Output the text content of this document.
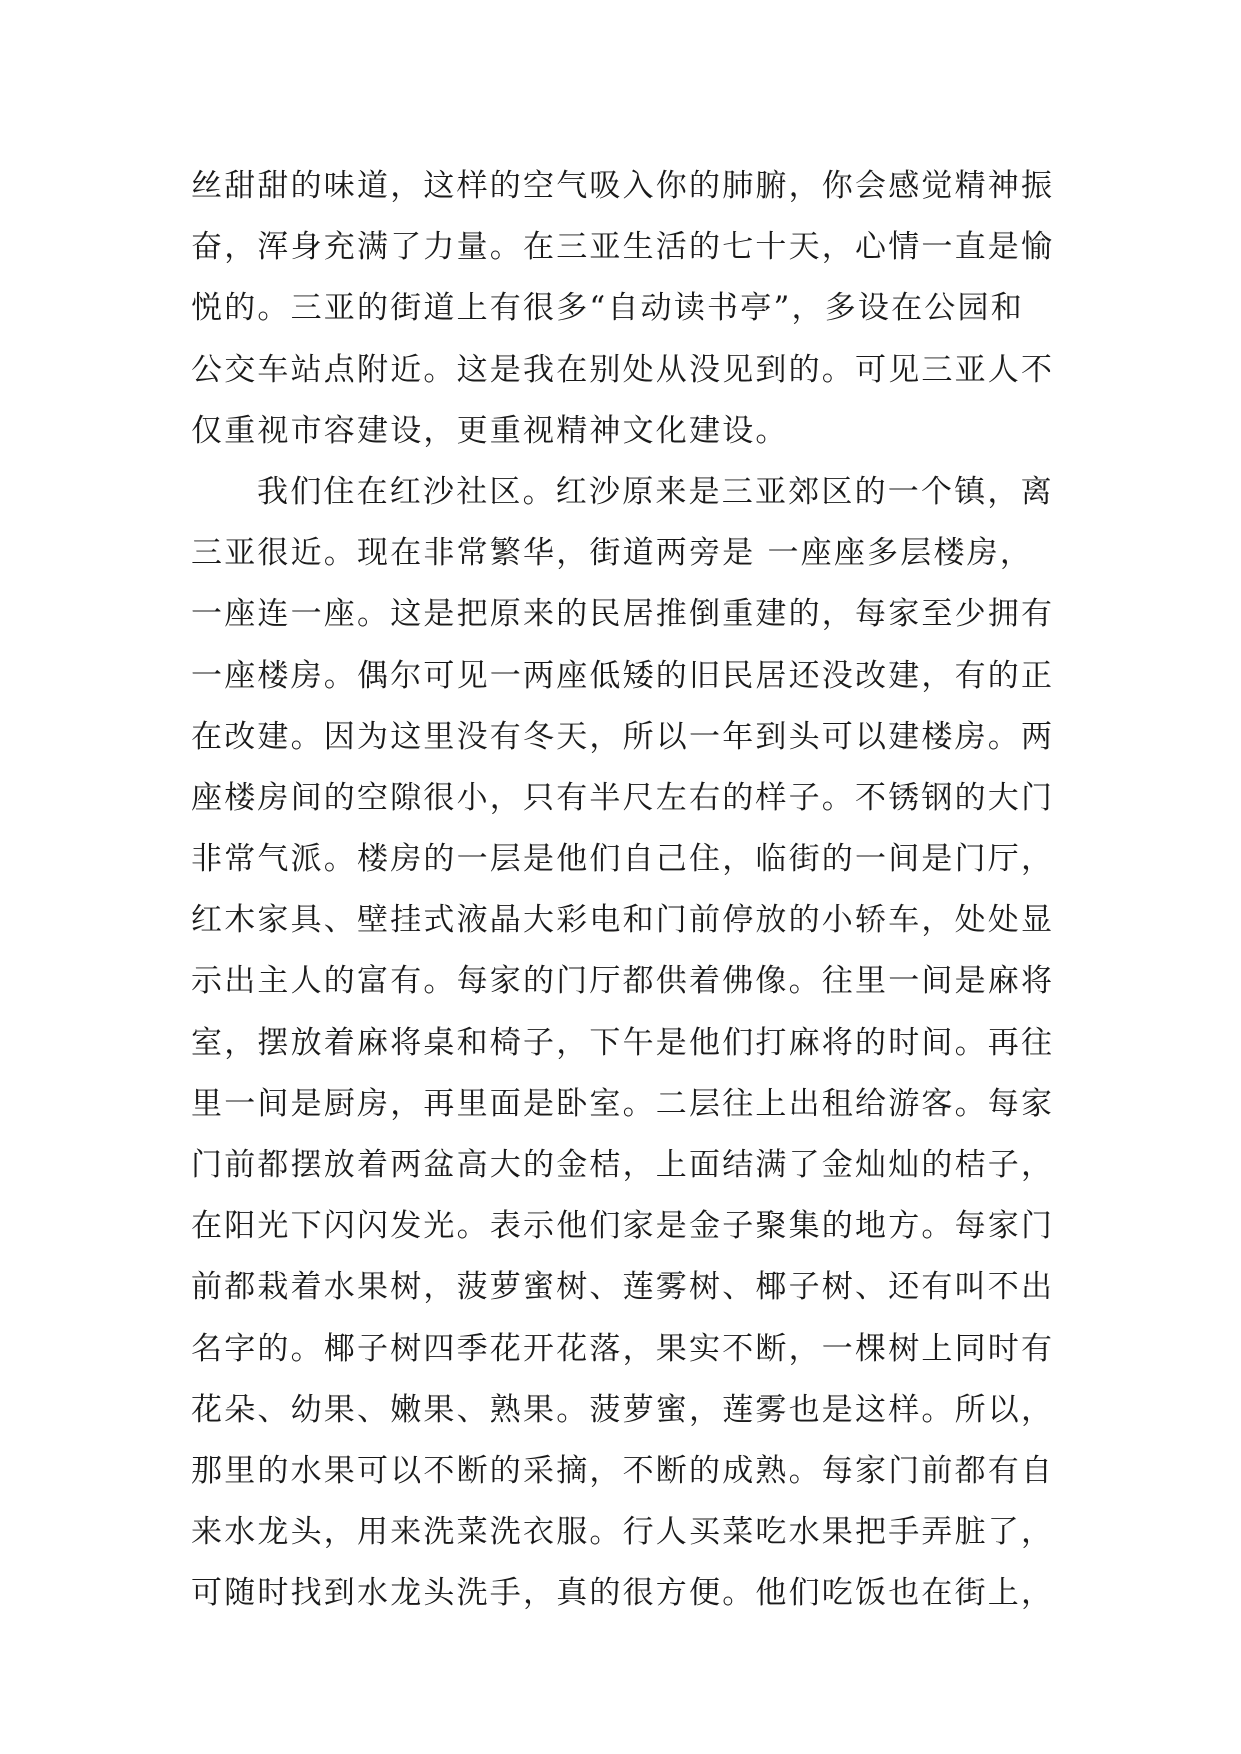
丝甜甜的味道，这样的空气吸入你的肺腑，你会感觉精神振
奋，浑身充满了力量。在三亚生活的七十天，心情一直是愉
悦的。三亚的街道上有很多“自动读书亭”，多设在公园和
公交车站点附近。这是我在别处从没见到的。可见三亚人不
仅重视市容建设，更重视精神文化建设。
我们住在红沙社区。红沙原来是三亚郊区的一个镇，离
三亚很近。现在非常繁华，街道两旁是 一座座多层楼房，
一座连一座。这是把原来的民居推倒重建的，每家至少拥有
一座楼房。偶尔可见一两座低矮的旧民居还没改建，有的正
在改建。因为这里没有冬天，所以一年到头可以建楼房。两
座楼房间的空隙很小，只有半尺左右的样子。不锈钢的大门
非常气派。楼房的一层是他们自己住，临街的一间是门厅，
红木家具、壁挂式液晶大彩电和门前停放的小轿车，处处显
示出主人的富有。每家的门厅都供着佛像。往里一间是麻将
室，摆放着麻将桌和椅子，下午是他们打麻将的时间。再往
里一间是厨房，再里面是卧室。二层往上出租给游客。每家
门前都摆放着两盆高大的金桔，上面结满了金灿灿的桔子，
在阳光下闪闪发光。表示他们家是金子聚集的地方。每家门
前都栽着水果树，菠萝蜜树、莲雾树、椰子树、还有叫不出
名字的。椰子树四季花开花落，果实不断，一棵树上同时有
花朵、幼果、嫩果、熟果。菠萝蜜，莲雾也是这样。所以，
那里的水果可以不断的采摘，不断的成熟。每家门前都有自
来水龙头，用来洗菜洗衣服。行人买菜吃水果把手弄脏了，
可随时找到水龙头洗手，真的很方便。他们吃饭也在街上，
